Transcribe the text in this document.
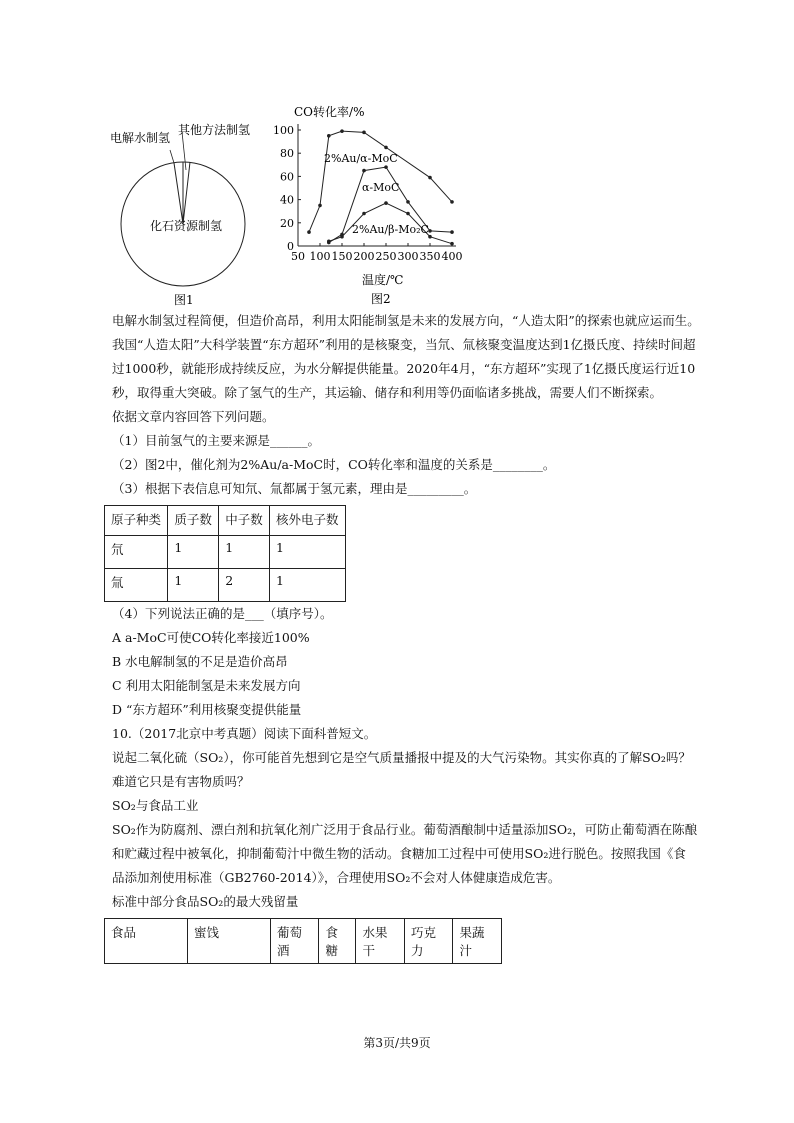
电解水制氢
其他方法制氢
化石资源制氢
图1
CO转化率/%
50 100 150 200 250 300 350 400
0
20
40
60
80
100
温度/℃
图2
2%Au/α-MoC
α-MoC
2%Au/β-Mo₂C

电解水制氢过程简便，但造价高昂，利用太阳能制氢是未来的发展方向，“人造太阳”的探索也就应运而生。

我国“人造太阳”大科学装置“东方超环”利用的是核聚变，当氘、氚核聚变温度达到1亿摄氏度、持续时间超

过1000秒，就能形成持续反应，为水分解提供能量。2020年4月，“东方超环”实现了1亿摄氏度运行近10

秒，取得重大突破。除了氢气的生产，其运输、储存和利用等仍面临诸多挑战，需要人们不断探索。

依据文章内容回答下列问题。

（1）目前氢气的主要来源是______。

（2）图2中，催化剂为2%Au/a-MoC时，CO转化率和温度的关系是________。

（3）根据下表信息可知氘、氚都属于氢元素，理由是_________。

原子种类	质子数	中子数	核外电子数
氘	1	1	1
氚	1	2	1

（4）下列说法正确的是___（填序号）。

A a-MoC可使CO转化率接近100%

B 水电解制氢的不足是造价高昂

C 利用太阳能制氢是未来发展方向

D “东方超环”利用核聚变提供能量

10.（2017北京中考真题）阅读下面科普短文。

说起二氧化硫（SO₂），你可能首先想到它是空气质量播报中提及的大气污染物。其实你真的了解SO₂吗？

难道它只是有害物质吗？

SO₂与食品工业

SO₂作为防腐剂、漂白剂和抗氧化剂广泛用于食品行业。葡萄酒酿制中适量添加SO₂，可防止葡萄酒在陈酿

和贮藏过程中被氧化，抑制葡萄汁中微生物的活动。食糖加工过程中可使用SO₂进行脱色。按照我国《食

品添加剂使用标准（GB2760-2014）》，合理使用SO₂不会对人体健康造成危害。

标准中部分食品SO₂的最大残留量

食品	蜜饯	葡萄酒	食糖	水果干	巧克力	果蔬汁
第3页/共9页
